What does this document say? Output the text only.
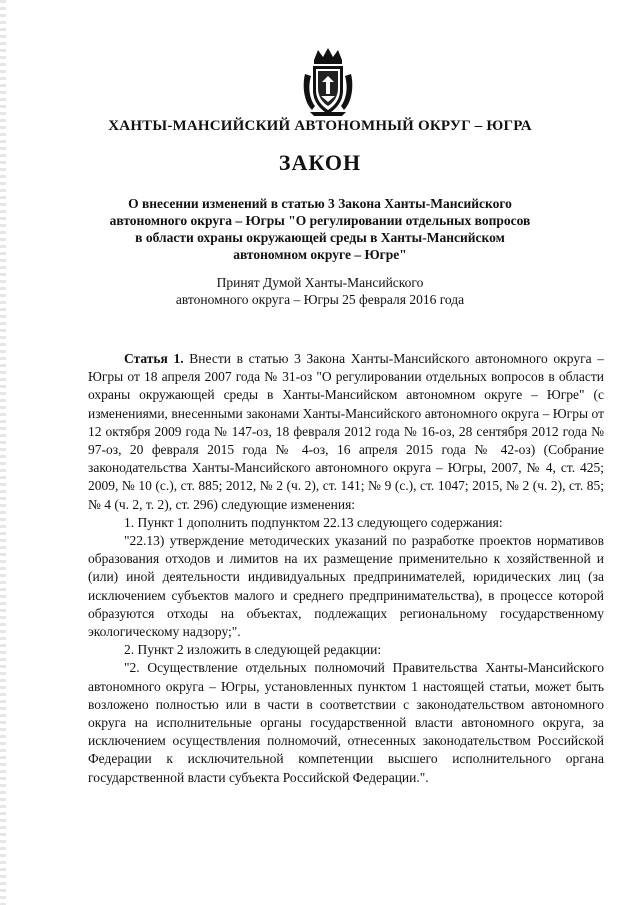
ХАНТЫ-МАНСИЙСКИЙ АВТОНОМНЫЙ ОКРУГ – ЮГРА
ЗАКОН
О внесении изменений в статью 3 Закона Ханты-Мансийского
автономного округа – Югры "О регулировании отдельных вопросов
в области охраны окружающей среды в Ханты-Мансийском
автономном округе – Югре"
Принят Думой Ханты-Мансийского
автономного округа – Югры 25 февраля 2016 года

Статья 1. Внести в статью 3 Закона Ханты-Мансийского автономного округа – Югры от 18 апреля 2007 года № 31-оз "О регулировании отдельных вопросов в области охраны окружающей среды в Ханты-Мансийском автономном округе – Югре" (с изменениями, внесенными законами Ханты-Мансийского автономного округа – Югры от 12 октября 2009 года № 147-оз, 18 февраля 2012 года № 16-оз, 28 сентября 2012 года № 97-оз, 20 февраля 2015 года № 4-оз, 16 апреля 2015 года № 42-оз) (Собрание законодательства Ханты-Мансийского автономного округа – Югры, 2007, № 4, ст. 425; 2009, № 10 (с.), ст. 885; 2012, № 2 (ч. 2), ст. 141; № 9 (с.), ст. 1047; 2015, № 2 (ч. 2), ст. 85; № 4 (ч. 2, т. 2), ст. 296) следующие изменения:

1. Пункт 1 дополнить подпунктом 22.13 следующего содержания:

"22.13) утверждение методических указаний по разработке проектов нормативов образования отходов и лимитов на их размещение применительно к хозяйственной и (или) иной деятельности индивидуальных предпринимателей, юридических лиц (за исключением субъектов малого и среднего предпринимательства), в процессе которой образуются отходы на объектах, подлежащих региональному государственному экологическому надзору;".

2. Пункт 2 изложить в следующей редакции:

"2. Осуществление отдельных полномочий Правительства Ханты-Мансийского автономного округа – Югры, установленных пунктом 1 настоящей статьи, может быть возложено полностью или в части в соответствии с законодательством автономного округа на исполнительные органы государственной власти автономного округа, за исключением осуществления полномочий, отнесенных законодательством Российской Федерации к исключительной компетенции высшего исполнительного органа государственной власти субъекта Российской Федерации.".
